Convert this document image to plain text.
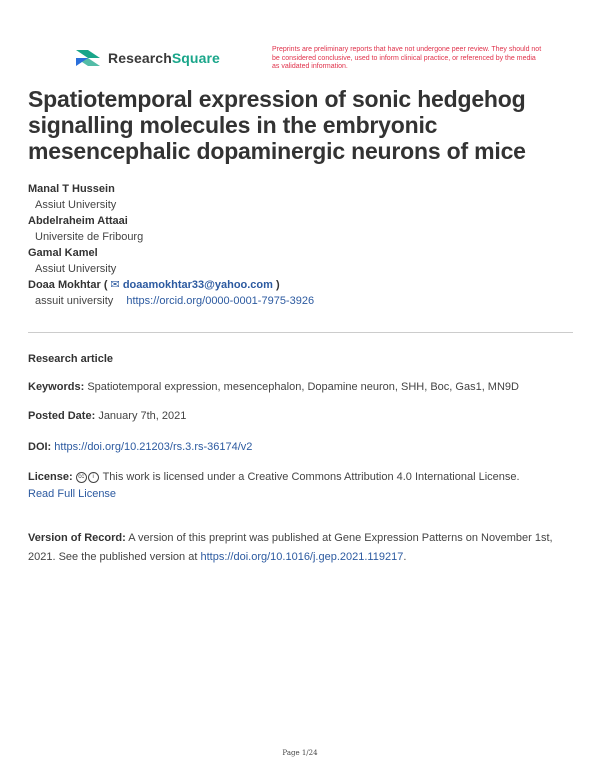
ResearchSquare
Preprints are preliminary reports that have not undergone peer review. They should not be considered conclusive, used to inform clinical practice, or referenced by the media as validated information.
Spatiotemporal expression of sonic hedgehog signalling molecules in the embryonic mesencephalic dopaminergic neurons of mice
Manal T Hussein
Assiut University
Abdelraheim Attaai
Universite de Fribourg
Gamal Kamel
Assiut University
Doaa Mokhtar ( ✉ doaamokhtar33@yahoo.com )
assuit university https://orcid.org/0000-0001-7975-3926
Research article
Keywords: Spatiotemporal expression, mesencephalon, Dopamine neuron, SHH, Boc, Gas1, MN9D
Posted Date: January 7th, 2021
DOI: https://doi.org/10.21203/rs.3.rs-36174/v2
License: cc i This work is licensed under a Creative Commons Attribution 4.0 International License.
Read Full License
Version of Record: A version of this preprint was published at Gene Expression Patterns on November 1st, 2021. See the published version at https://doi.org/10.1016/j.gep.2021.119217.
Page 1/24
